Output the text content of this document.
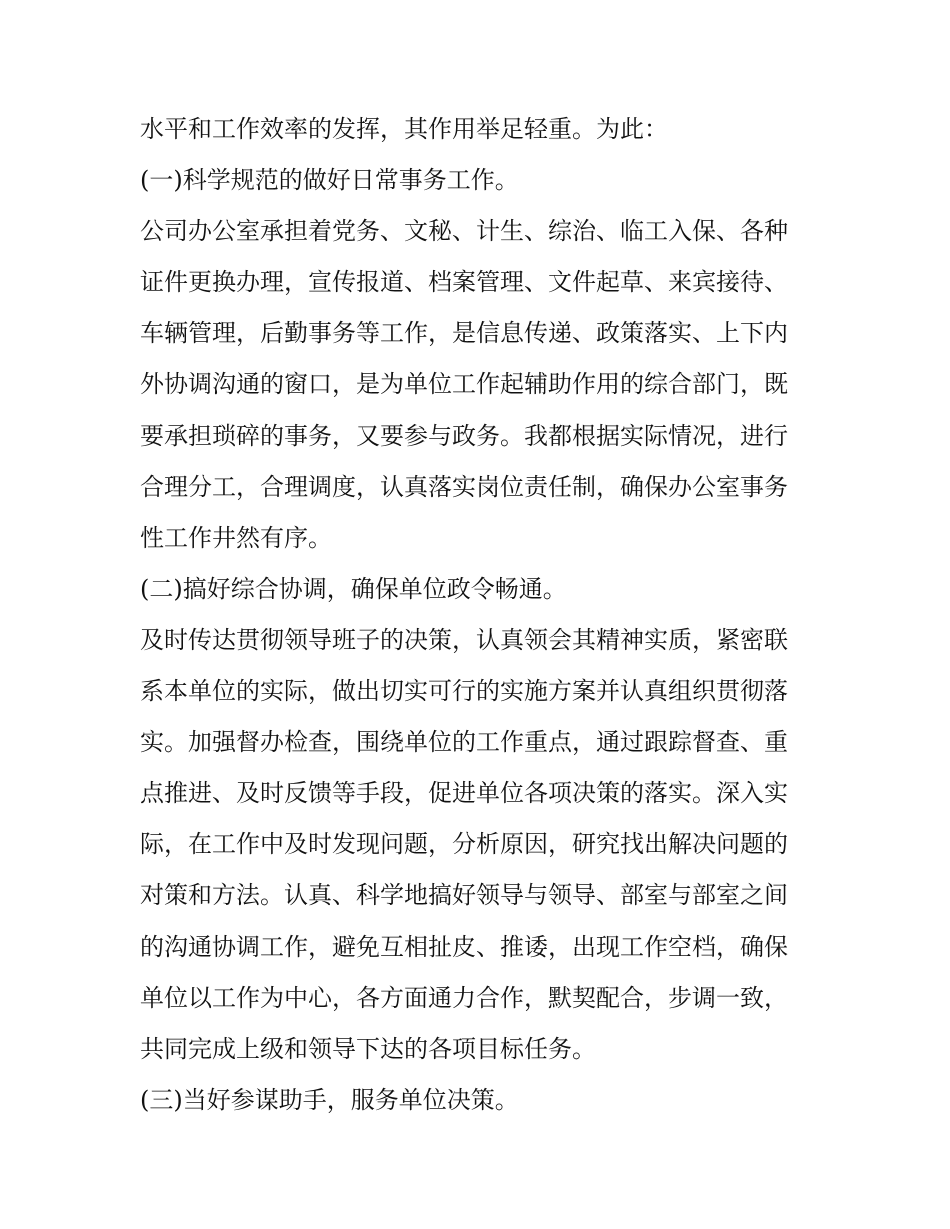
水平和工作效率的发挥，其作用举足轻重。为此：
(一)科学规范的做好日常事务工作。
公司办公室承担着党务、文秘、计生、综治、临工入保、各种
证件更换办理，宣传报道、档案管理、文件起草、来宾接待、
车辆管理，后勤事务等工作，是信息传递、政策落实、上下内
外协调沟通的窗口，是为单位工作起辅助作用的综合部门，既
要承担琐碎的事务，又要参与政务。我都根据实际情况，进行
合理分工，合理调度，认真落实岗位责任制，确保办公室事务
性工作井然有序。
(二)搞好综合协调，确保单位政令畅通。
及时传达贯彻领导班子的决策，认真领会其精神实质，紧密联
系本单位的实际，做出切实可行的实施方案并认真组织贯彻落
实。加强督办检查，围绕单位的工作重点，通过跟踪督查、重
点推进、及时反馈等手段，促进单位各项决策的落实。深入实
际，在工作中及时发现问题，分析原因，研究找出解决问题的
对策和方法。认真、科学地搞好领导与领导、部室与部室之间
的沟通协调工作，避免互相扯皮、推诿，出现工作空档，确保
单位以工作为中心，各方面通力合作，默契配合，步调一致，
共同完成上级和领导下达的各项目标任务。
(三)当好参谋助手，服务单位决策。
